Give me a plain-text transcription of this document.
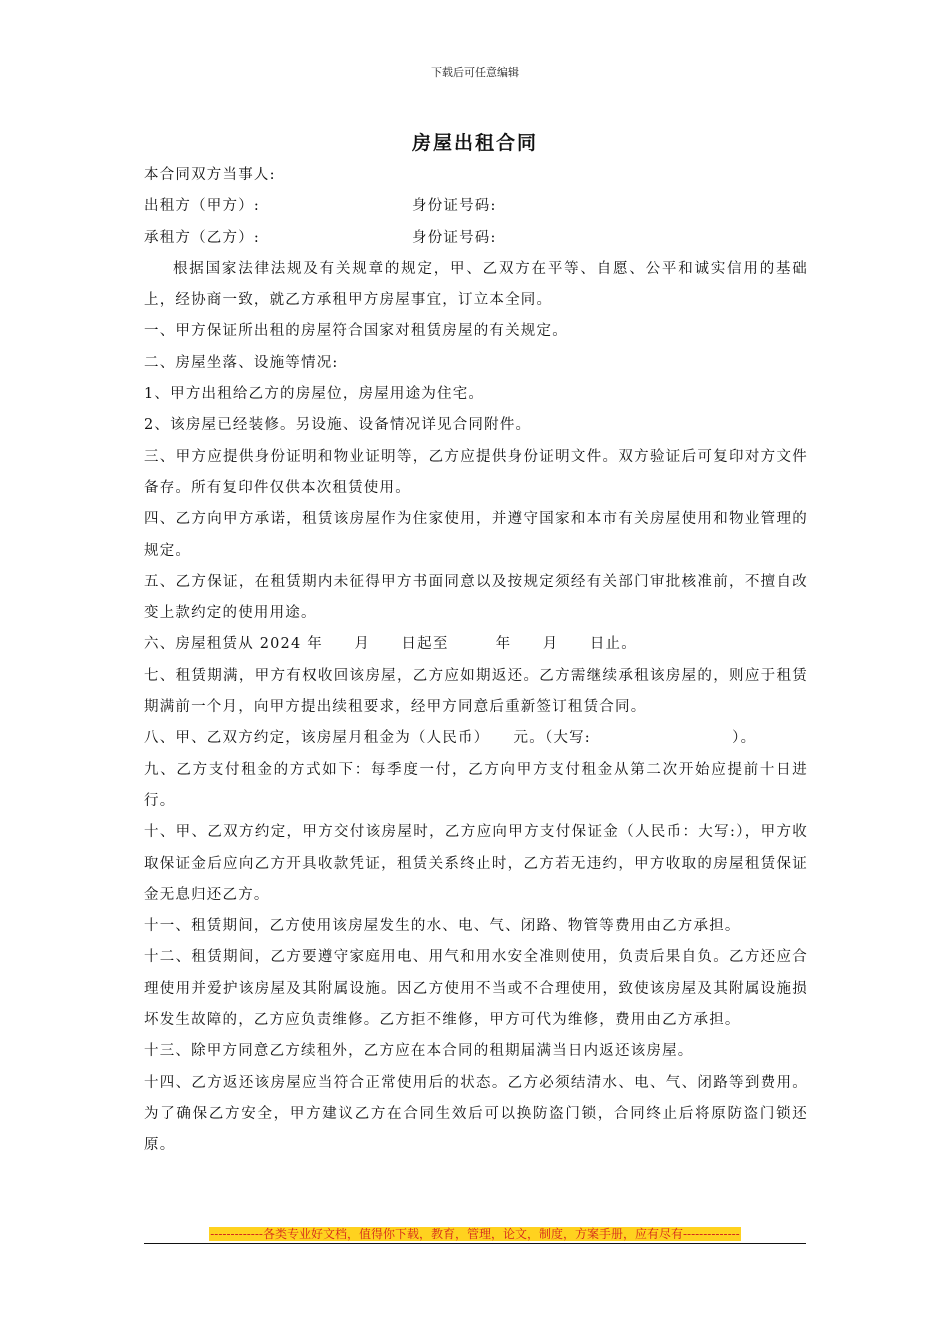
下载后可任意编辑
房屋出租合同
本合同双方当事人:
出租方（甲方）:	身份证号码:
承租方（乙方）:	身份证号码:
根据国家法律法规及有关规章的规定，甲、乙双方在平等、自愿、公平和诚实信用的基础上，经协商一致，就乙方承租甲方房屋事宜，订立本全同。
一、甲方保证所出租的房屋符合国家对租赁房屋的有关规定。
二、房屋坐落、设施等情况:
1、甲方出租给乙方的房屋位，房屋用途为住宅。
2、该房屋已经装修。另设施、设备情况详见合同附件。
三、甲方应提供身份证明和物业证明等，乙方应提供身份证明文件。双方验证后可复印对方文件备存。所有复印件仅供本次租赁使用。
四、乙方向甲方承诺，租赁该房屋作为住家使用，并遵守国家和本市有关房屋使用和物业管理的规定。
五、乙方保证，在租赁期内未征得甲方书面同意以及按规定须经有关部门审批核准前，不擅自改变上款约定的使用用途。
六、房屋租赁从 2024 年　　月　　日起至　　　年　　月　　日止。
七、租赁期满，甲方有权收回该房屋，乙方应如期返还。乙方需继续承租该房屋的，则应于租赁期满前一个月，向甲方提出续租要求，经甲方同意后重新签订租赁合同。
八、甲、乙双方约定，该房屋月租金为（人民币）　　元。（大写:　　　　　　　　　）。
九、乙方支付租金的方式如下：每季度一付，乙方向甲方支付租金从第二次开始应提前十日进行。
十、甲、乙双方约定，甲方交付该房屋时，乙方应向甲方支付保证金（人民币：大写:），甲方收取保证金后应向乙方开具收款凭证，租赁关系终止时，乙方若无违约，甲方收取的房屋租赁保证金无息归还乙方。
十一、租赁期间，乙方使用该房屋发生的水、电、气、闭路、物管等费用由乙方承担。
十二、租赁期间，乙方要遵守家庭用电、用气和用水安全准则使用，负责后果自负。乙方还应合理使用并爱护该房屋及其附属设施。因乙方使用不当或不合理使用，致使该房屋及其附属设施损坏发生故障的，乙方应负责维修。乙方拒不维修，甲方可代为维修，费用由乙方承担。
十三、除甲方同意乙方续租外，乙方应在本合同的租期届满当日内返还该房屋。
十四、乙方返还该房屋应当符合正常使用后的状态。乙方必须结清水、电、气、闭路等到费用。为了确保乙方安全，甲方建议乙方在合同生效后可以换防盗门锁，合同终止后将原防盗门锁还原。
-------------各类专业好文档，值得你下载，教育，管理，论文，制度，方案手册，应有尽有--------------
